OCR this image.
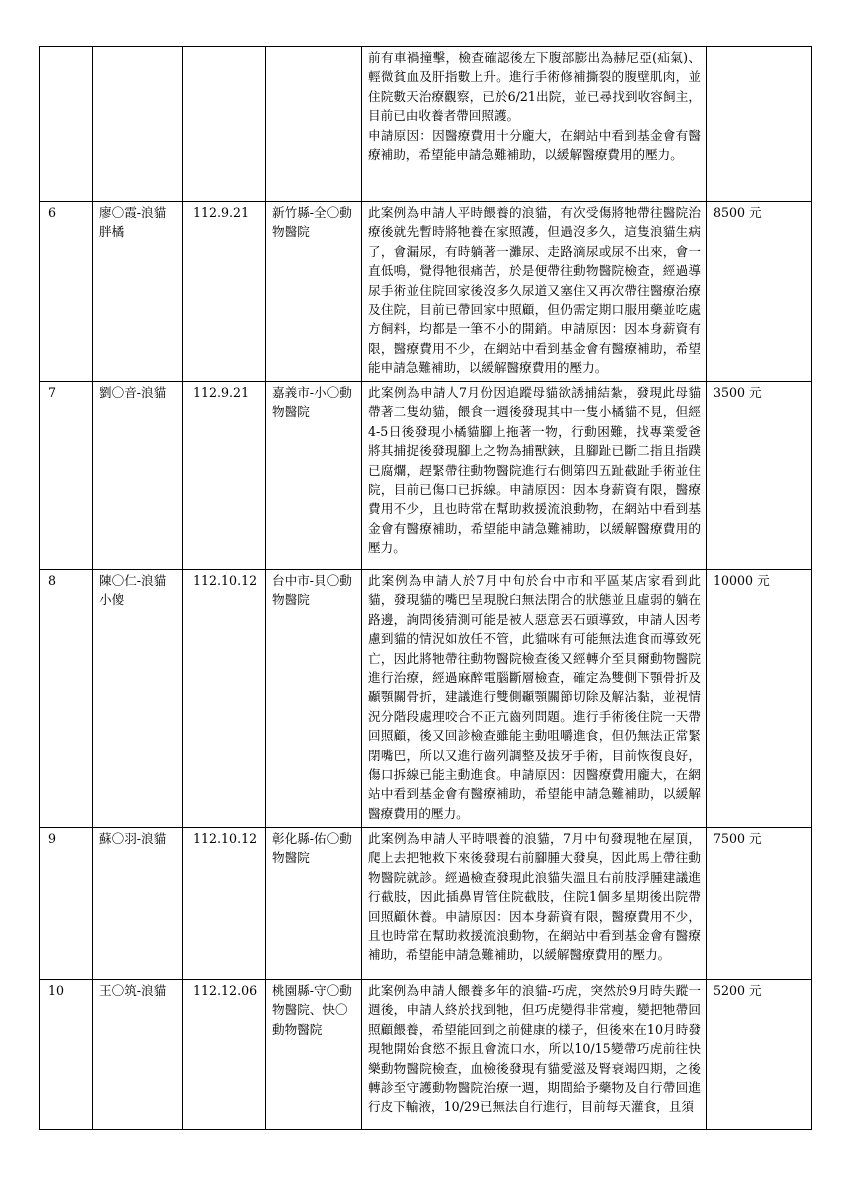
				前有車禍撞擊，檢查確認後左下腹部膨出為赫尼亞(疝氣)、輕微貧血及肝指數上升。進行手術修補撕裂的腹壁肌肉，並住院數天治療觀察，已於6/21出院，並已尋找到收容飼主，目前已由收養者帶回照護。
申請原因：因醫療費用十分龐大，在網站中看到基金會有醫療補助，希望能申請急難補助，以緩解醫療費用的壓力。	

6	廖〇霞-浪貓胖橘	112.9.21	新竹縣-全〇動物醫院	此案例為申請人平時餵養的浪貓，有次受傷將牠帶往醫院治療後就先暫時將牠養在家照護，但過沒多久，這隻浪貓生病了，會漏尿，有時躺著一灘尿、走路滴尿或尿不出來，會一直低鳴，覺得牠很痛苦，於是便帶往動物醫院檢查，經過導尿手術並住院回家後沒多久尿道又塞住又再次帶往醫療治療及住院，目前已帶回家中照顧，但仍需定期口服用藥並吃處方飼料，均都是一筆不小的開銷。申請原因：因本身薪資有限，醫療費用不少，在網站中看到基金會有醫療補助，希望能申請急難補助，以緩解醫療費用的壓力。	8500 元
7	劉〇音-浪貓	112.9.21	嘉義市-小〇動物醫院	此案例為申請人7月份因追蹤母貓欲誘捕結紮，發現此母貓帶著二隻幼貓，餵食一週後發現其中一隻小橘貓不見，但經4-5日後發現小橘貓腳上拖著一物，行動困難，找專業愛爸將其捕捉後發現腳上之物為捕獸鋏，且腳趾已斷二指且指蹼已腐爛，趕緊帶往動物醫院進行右側第四五趾截趾手術並住院，目前已傷口已拆線。申請原因：因本身薪資有限，醫療費用不少，且也時常在幫助救援流浪動物，在網站中看到基金會有醫療補助，希望能申請急難補助，以緩解醫療費用的壓力。	3500 元
8	陳〇仁-浪貓小傻	112.10.12	台中市-貝〇動物醫院	此案例為申請人於7月中旬於台中市和平區某店家看到此貓，發現貓的嘴巴呈現脫臼無法閉合的狀態並且虛弱的躺在路邊，詢問後猜測可能是被人惡意丟石頭導致，申請人因考慮到貓的情況如放任不管，此貓咪有可能無法進食而導致死亡，因此將牠帶往動物醫院檢查後又經轉介至貝爾動物醫院進行治療，經過麻醉電腦斷層檢查，確定為雙側下顎骨折及顳顎關骨折，建議進行雙側顳顎關節切除及解沾黏，並視情況分階段處理咬合不正亢齒列問題。進行手術後住院一天帶回照顧，後又回診檢查雖能主動咀嚼進食，但仍無法正常緊閉嘴巴，所以又進行齒列調整及拔牙手術，目前恢復良好，傷口拆線已能主動進食。申請原因：因醫療費用龐大，在網站中看到基金會有醫療補助，希望能申請急難補助，以緩解醫療費用的壓力。	10000 元
9	蘇〇羽-浪貓	112.10.12	彰化縣-佑〇動物醫院	此案例為申請人平時喂養的浪貓，7月中旬發現牠在屋頂，爬上去把牠救下來後發現右前腳腫大發臭，因此馬上帶往動物醫院就診。經過檢查發現此浪貓失溫且右前肢浮腫建議進行截肢，因此插鼻胃管住院截肢，住院1個多星期後出院帶回照顧休養。申請原因：因本身薪資有限，醫療費用不少，且也時常在幫助救援流浪動物，在網站中看到基金會有醫療補助，希望能申請急難補助，以緩解醫療費用的壓力。	7500 元
10	王〇筑-浪貓	112.12.06	桃園縣-守〇動物醫院、快〇動物醫院	此案例為申請人餵養多年的浪貓-巧虎，突然於9月時失蹤一週後，申請人終於找到牠，但巧虎變得非常瘦，變把牠帶回照顧餵養，希望能回到之前健康的樣子，但後來在10月時發現牠開始食慾不振且會流口水，所以10/15變帶巧虎前往快樂動物醫院檢查，血檢後發現有貓愛滋及腎衰竭四期，之後轉診至守護動物醫院治療一週，期間給予藥物及自行帶回進行皮下輸液，10/29已無法自行進行，目前每天灌食，且須	5200 元
